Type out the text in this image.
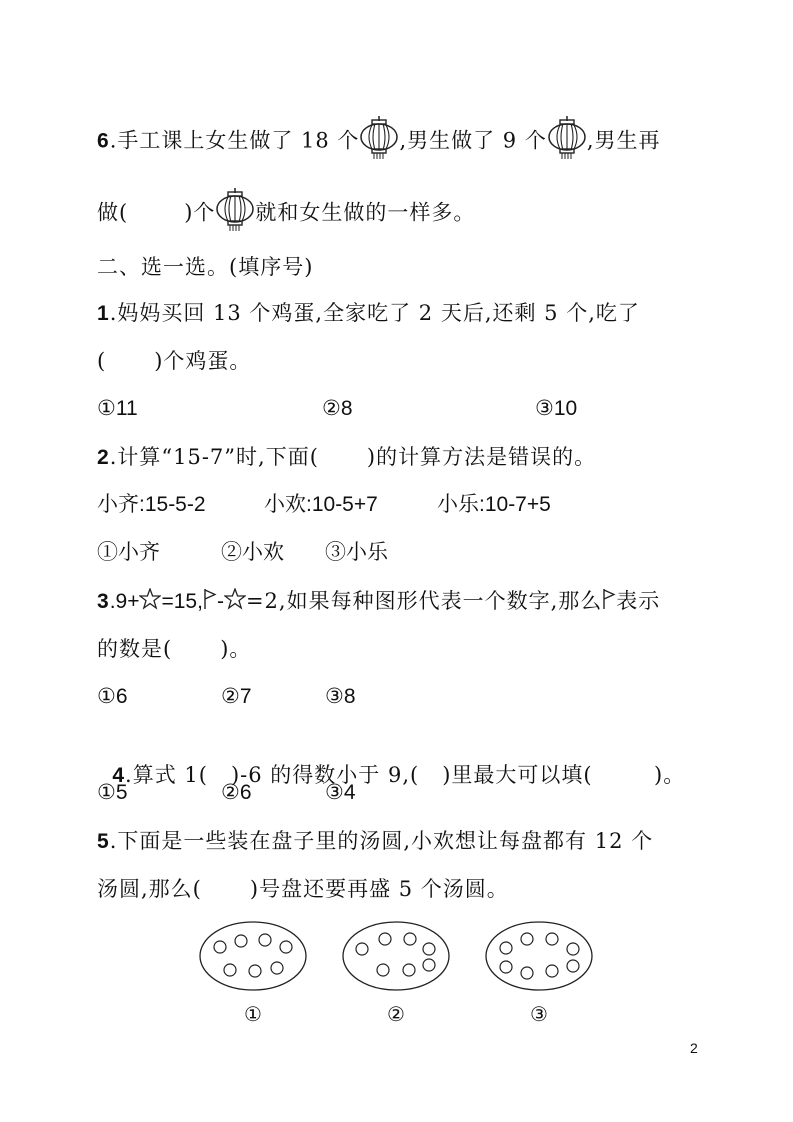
6.手工课上女生做了 18 个 ,男生做了 9 个 ,男生再
做(	)个 就和女生做的一样多。
二、选一选。(填序号)
1.妈妈买回 13 个鸡蛋,全家吃了 2 天后,还剩 5 个,吃了
( )个鸡蛋。
①11	②8	③10
2.计算“15-7”时,下面( )的计算方法是错误的。
小齐:15-5-2	小欢:10-5+7	小乐:10-7+5
①小齐	②小欢 ③小乐
3.9+ =15, - =2,如果每种图形代表一个数字,那么 表示
的数是( )。
①6	②7	③8

4.算式 1(   )-6 的得数小于 9,(   )里最大可以填(        )。

①5	②6	③4
5.下面是一些装在盘子里的汤圆,小欢想让每盘都有 12 个
汤圆,那么( )号盘还要再盛 5 个汤圆。
①	②	③
2
